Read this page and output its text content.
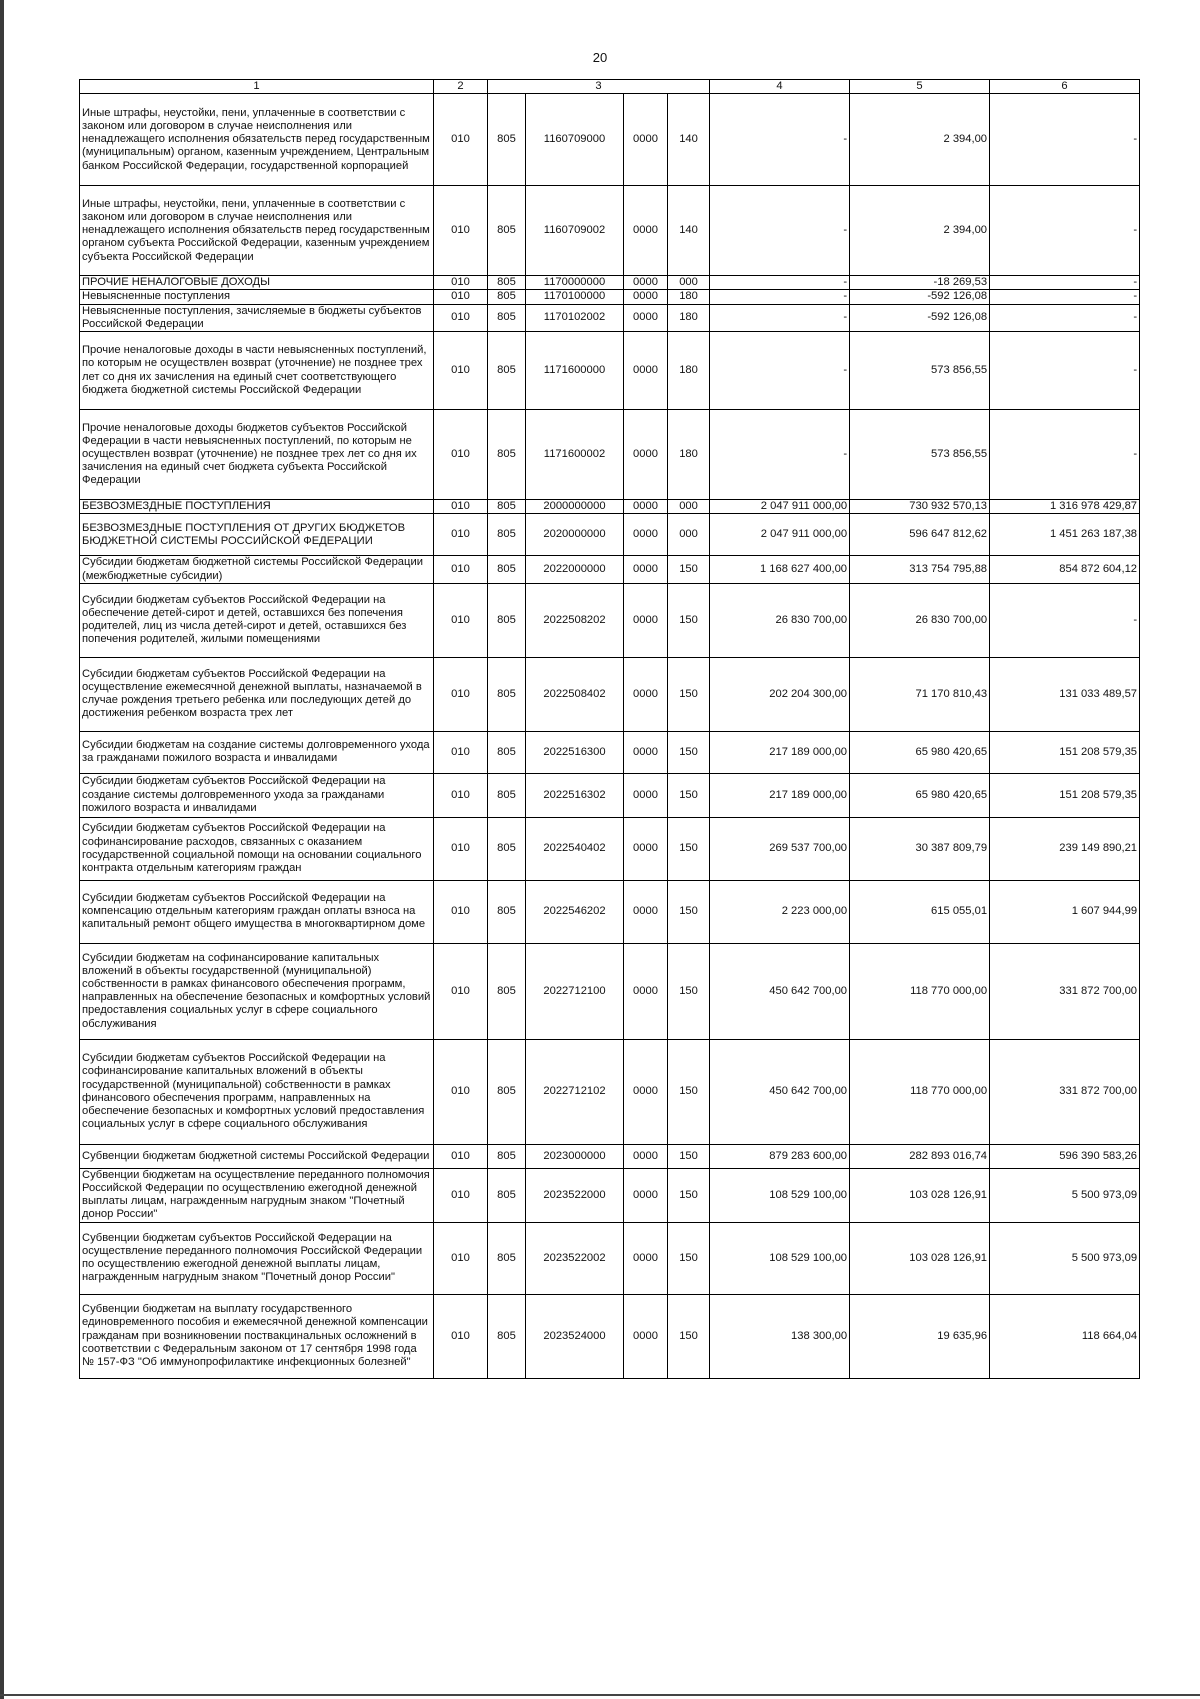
20
1	2	3				4	5	6
Иные штрафы, неустойки, пени, уплаченные в соответствии с законом или договором в случае неисполнения или ненадлежащего исполнения обязательств перед государственным (муниципальным) органом, казенным учреждением, Центральным банком Российской Федерации, государственной корпорацией	010	805	1160709000	0000	140	-	2 394,00	-
Иные штрафы, неустойки, пени, уплаченные в соответствии с законом или договором в случае неисполнения или ненадлежащего исполнения обязательств перед государственным органом субъекта Российской Федерации, казенным учреждением субъекта Российской Федерации	010	805	1160709002	0000	140	-	2 394,00	-
ПРОЧИЕ НЕНАЛОГОВЫЕ ДОХОДЫ	010	805	1170000000	0000	000	-	-18 269,53	-
Невыясненные поступления	010	805	1170100000	0000	180	-	-592 126,08	-
Невыясненные поступления, зачисляемые в бюджеты субъектов Российской Федерации	010	805	1170102002	0000	180	-	-592 126,08	-
Прочие неналоговые доходы в части невыясненных поступлений, по которым не осуществлен возврат (уточнение) не позднее трех лет со дня их зачисления на единый счет соответствующего бюджета бюджетной системы Российской Федерации	010	805	1171600000	0000	180	-	573 856,55	-
Прочие неналоговые доходы бюджетов субъектов Российской Федерации в части невыясненных поступлений, по которым не осуществлен возврат (уточнение) не позднее трех лет со дня их зачисления на единый счет бюджета субъекта Российской Федерации	010	805	1171600002	0000	180	-	573 856,55	-
БЕЗВОЗМЕЗДНЫЕ ПОСТУПЛЕНИЯ	010	805	2000000000	0000	000	2 047 911 000,00	730 932 570,13	1 316 978 429,87
БЕЗВОЗМЕЗДНЫЕ ПОСТУПЛЕНИЯ ОТ ДРУГИХ БЮДЖЕТОВ БЮДЖЕТНОЙ СИСТЕМЫ РОССИЙСКОЙ ФЕДЕРАЦИИ	010	805	2020000000	0000	000	2 047 911 000,00	596 647 812,62	1 451 263 187,38
Субсидии бюджетам бюджетной системы Российской Федерации (межбюджетные субсидии)	010	805	2022000000	0000	150	1 168 627 400,00	313 754 795,88	854 872 604,12
Субсидии бюджетам субъектов Российской Федерации на обеспечение детей-сирот и детей, оставшихся без попечения родителей, лиц из числа детей-сирот и детей, оставшихся без попечения родителей, жилыми помещениями	010	805	2022508202	0000	150	26 830 700,00	26 830 700,00	-
Субсидии бюджетам субъектов Российской Федерации на осуществление ежемесячной денежной выплаты, назначаемой в случае рождения третьего ребенка или последующих детей до достижения ребенком возраста трех лет	010	805	2022508402	0000	150	202 204 300,00	71 170 810,43	131 033 489,57
Субсидии бюджетам на создание системы долговременного ухода за гражданами пожилого возраста и инвалидами	010	805	2022516300	0000	150	217 189 000,00	65 980 420,65	151 208 579,35
Субсидии бюджетам субъектов Российской Федерации на создание системы долговременного ухода за гражданами пожилого возраста и инвалидами	010	805	2022516302	0000	150	217 189 000,00	65 980 420,65	151 208 579,35
Субсидии бюджетам субъектов Российской Федерации на софинансирование расходов, связанных с оказанием государственной социальной помощи на основании социального контракта отдельным категориям граждан	010	805	2022540402	0000	150	269 537 700,00	30 387 809,79	239 149 890,21
Субсидии бюджетам субъектов Российской Федерации на компенсацию отдельным категориям граждан оплаты взноса на капитальный ремонт общего имущества в многоквартирном доме	010	805	2022546202	0000	150	2 223 000,00	615 055,01	1 607 944,99
Субсидии бюджетам на софинансирование капитальных вложений в объекты государственной (муниципальной) собственности в рамках финансового обеспечения программ, направленных на обеспечение безопасных и комфортных условий предоставления социальных услуг в сфере социального обслуживания	010	805	2022712100	0000	150	450 642 700,00	118 770 000,00	331 872 700,00
Субсидии бюджетам субъектов Российской Федерации на софинансирование капитальных вложений в объекты государственной (муниципальной) собственности в рамках финансового обеспечения программ, направленных на обеспечение безопасных и комфортных условий предоставления социальных услуг в сфере социального обслуживания	010	805	2022712102	0000	150	450 642 700,00	118 770 000,00	331 872 700,00
Субвенции бюджетам бюджетной системы Российской Федерации	010	805	2023000000	0000	150	879 283 600,00	282 893 016,74	596 390 583,26
Субвенции бюджетам на осуществление переданного полномочия Российской Федерации по осуществлению ежегодной денежной выплаты лицам, награжденным нагрудным знаком "Почетный донор России"	010	805	2023522000	0000	150	108 529 100,00	103 028 126,91	5 500 973,09
Субвенции бюджетам субъектов Российской Федерации на осуществление переданного полномочия Российской Федерации по осуществлению ежегодной денежной выплаты лицам, награжденным нагрудным знаком "Почетный донор России"	010	805	2023522002	0000	150	108 529 100,00	103 028 126,91	5 500 973,09
Субвенции бюджетам на выплату государственного единовременного пособия и ежемесячной денежной компенсации гражданам при возникновении поствакцинальных осложнений в соответствии с Федеральным законом от 17 сентября 1998 года № 157-ФЗ "Об иммунопрофилактике инфекционных болезней"	010	805	2023524000	0000	150	138 300,00	19 635,96	118 664,04
